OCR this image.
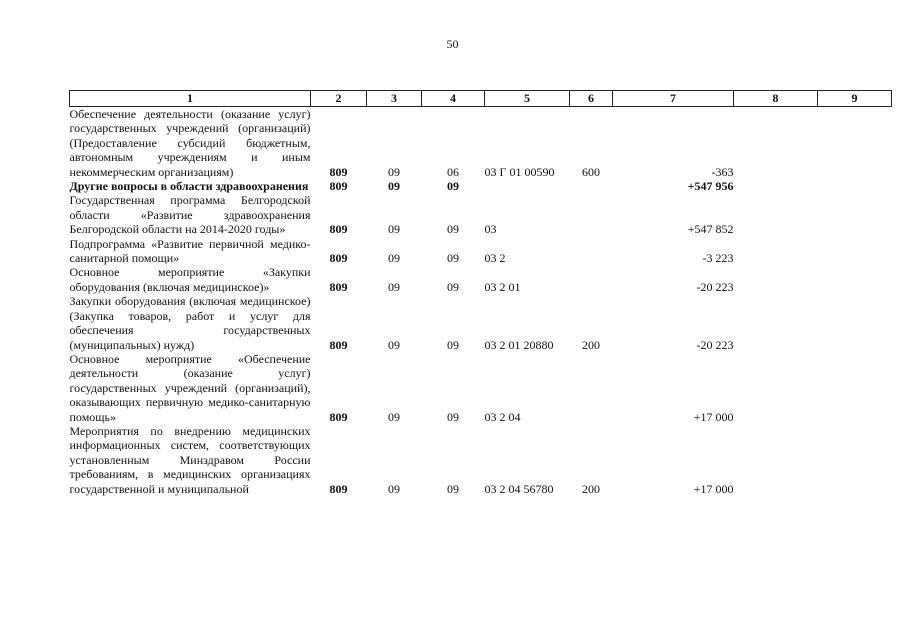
50
1	2	3	4	5	6	7	8	9

Обеспечение деятельности (оказание услуг) государственных учреждений (организаций) (Предоставление субсидий бюджетным, автономным учреждениям и иным некоммерческим организациям)	809	09	06	03 Г 01 00590	600	-363		

Другие вопросы в области здравоохранения	809	09	09			+547 956		

Государственная программа Белгородской области «Развитие здравоохранения Белгородской области на 2014-2020 годы»	809	09	09	03		+547 852		

Подпрограмма «Развитие первичной медико-санитарной помощи»	809	09	09	03 2		-3 223		

Основное мероприятие «Закупки оборудования (включая медицинское)»	809	09	09	03 2 01		-20 223		

Закупки оборудования (включая медицинское) (Закупка товаров, работ и услуг для обеспечения государственных (муниципальных) нужд)	809	09	09	03 2 01 20880	200	-20 223		

Основное мероприятие «Обеспечение деятельности (оказание услуг) государственных учреждений (организаций), оказывающих первичную медико-санитарную помощь»	809	09	09	03 2 04		+17 000		

Мероприятия по внедрению медицинских информационных систем, соответствующих установленным Минздравом России требованиям, в медицинских организациях государственной и муниципальной	809	09	09	03 2 04 56780	200	+17 000		
